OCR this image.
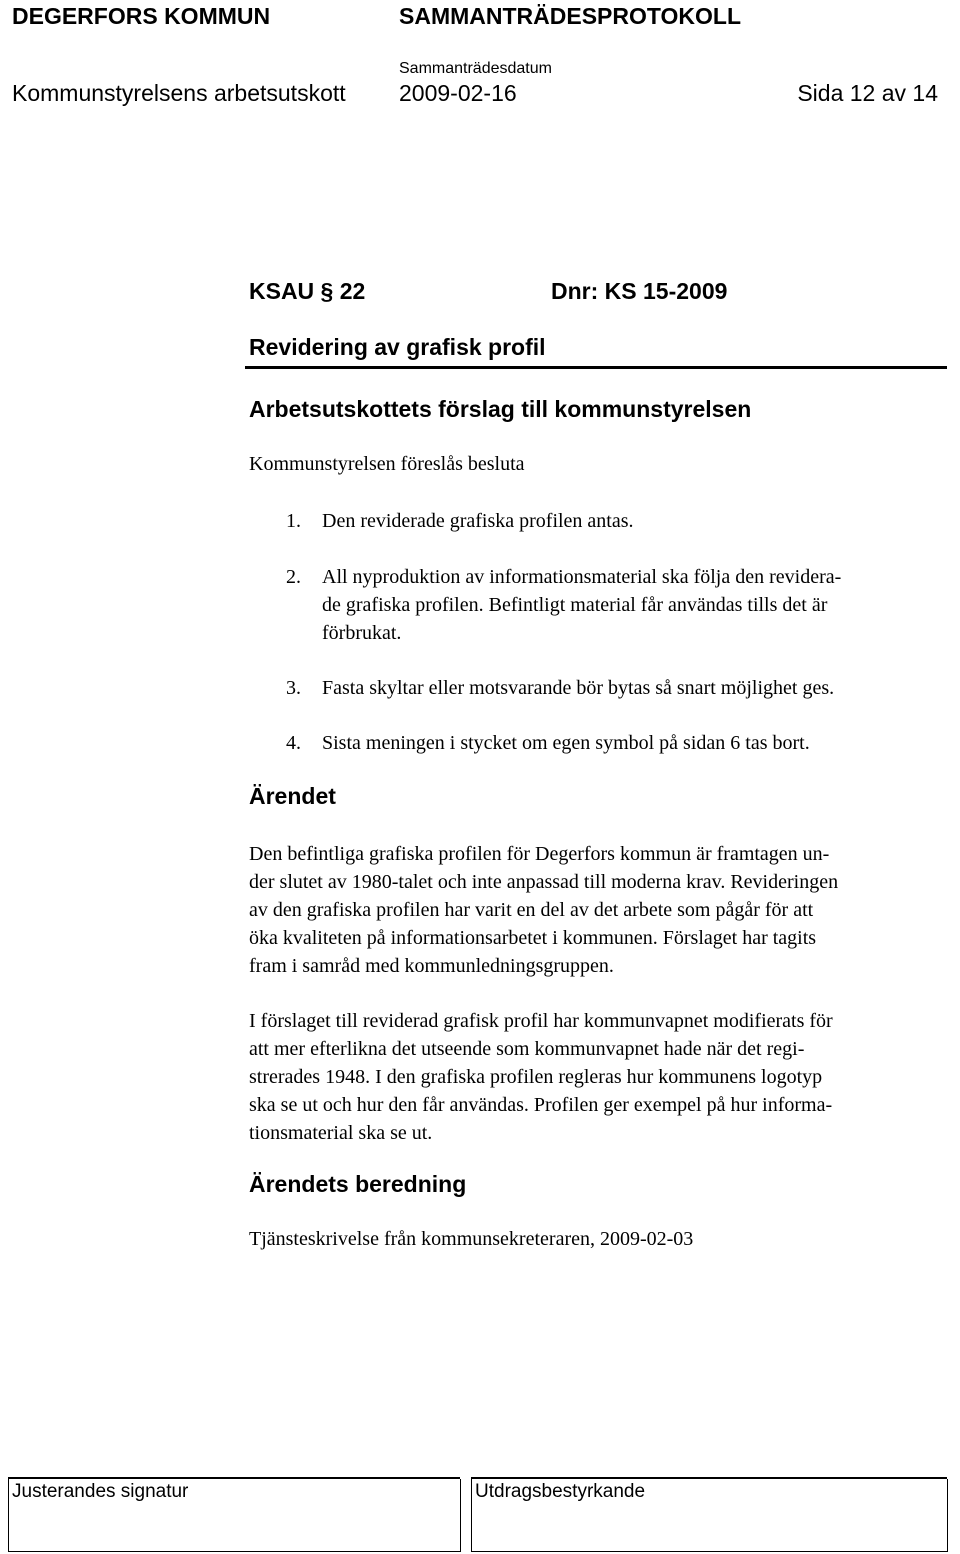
DEGERFORS KOMMUN	SAMMANTRÄDESPROTOKOLL
Sammanträdesdatum
Kommunstyrelsens arbetsutskott 2009-02-16	Sida 12 av 14
KSAU § 22	Dnr: KS 15-2009
Revidering av grafisk profil
Arbetsutskottets förslag till kommunstyrelsen
Kommunstyrelsen föreslås besluta
1. Den reviderade grafiska profilen antas.
2. All nyproduktion av informationsmaterial ska följa den revidera-
de grafiska profilen. Befintligt material får användas tills det är
förbrukat.
3. Fasta skyltar eller motsvarande bör bytas så snart möjlighet ges.
4. Sista meningen i stycket om egen symbol på sidan 6 tas bort.
Ärendet
Den befintliga grafiska profilen för Degerfors kommun är framtagen un-
der slutet av 1980-talet och inte anpassad till moderna krav. Revideringen
av den grafiska profilen har varit en del av det arbete som pågår för att
öka kvaliteten på informationsarbetet i kommunen. Förslaget har tagits
fram i samråd med kommunledningsgruppen.
I förslaget till reviderad grafisk profil har kommunvapnet modifierats för
att mer efterlikna det utseende som kommunvapnet hade när det regi-
strerades 1948. I den grafiska profilen regleras hur kommunens logotyp
ska se ut och hur den får användas. Profilen ger exempel på hur informa-
tionsmaterial ska se ut.
Ärendets beredning
Tjänsteskrivelse från kommunsekreteraren, 2009-02-03
Justerandes signatur	Utdragsbestyrkande
